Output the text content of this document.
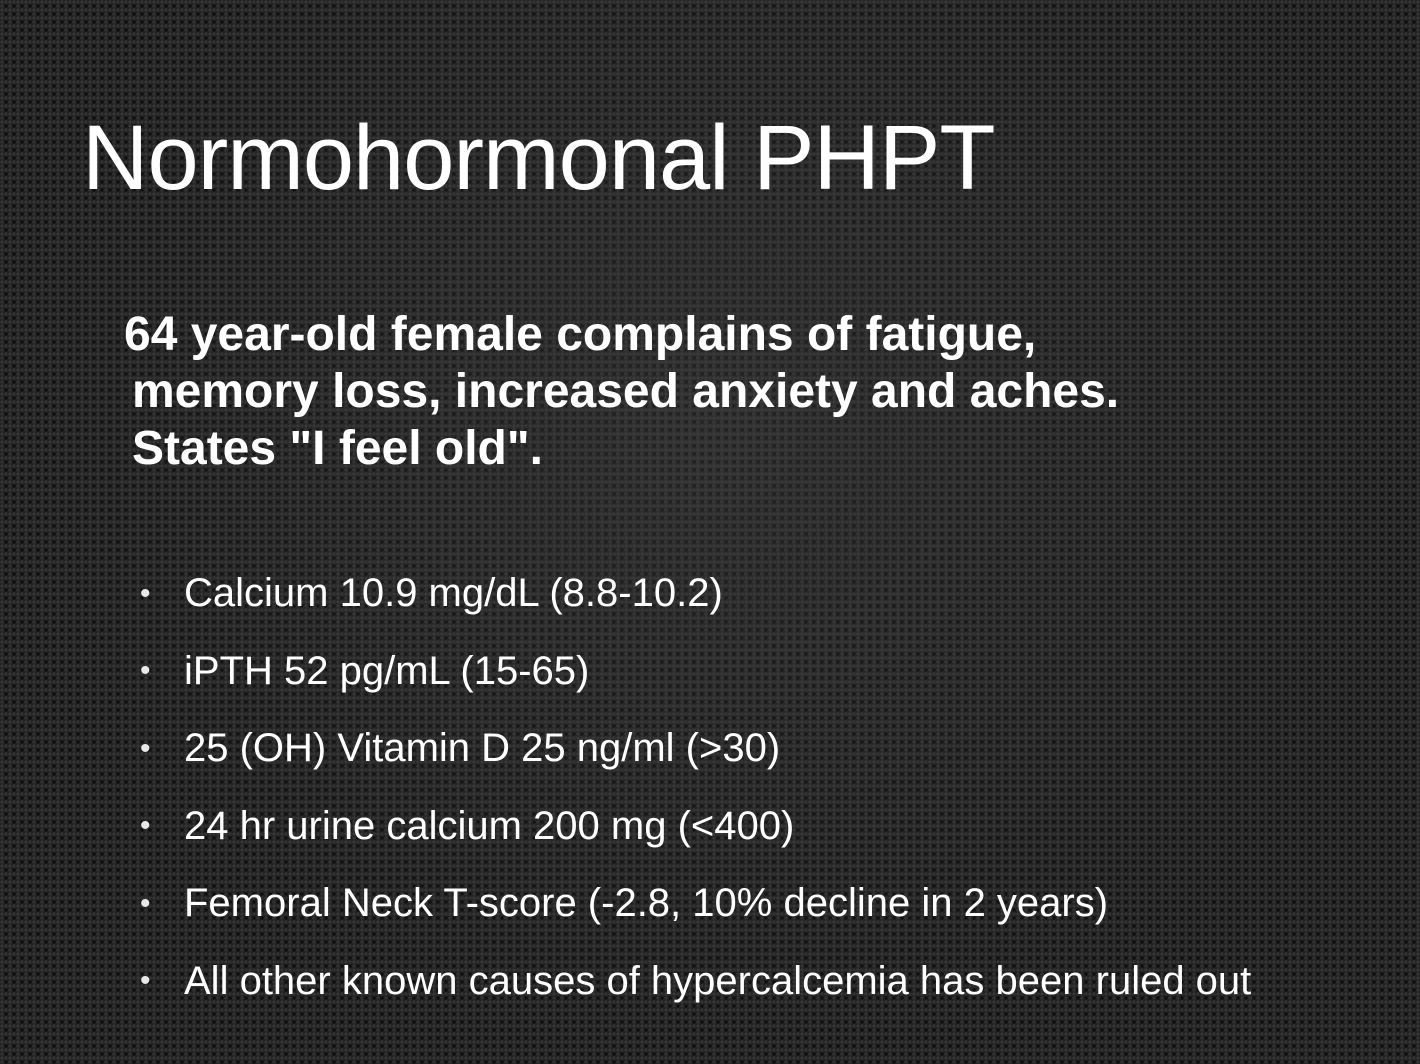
Normohormonal PHPT

64 year-old female complains of fatigue,
memory loss, increased anxiety and aches.
States "I feel old".

• Calcium 10.9 mg/dL (8.8-10.2)
• iPTH 52 pg/mL (15-65)
• 25 (OH) Vitamin D 25 ng/ml (>30)
• 24 hr urine calcium 200 mg (<400)
• Femoral Neck T-score (-2.8, 10% decline in 2 years)
• All other known causes of hypercalcemia has been ruled out
